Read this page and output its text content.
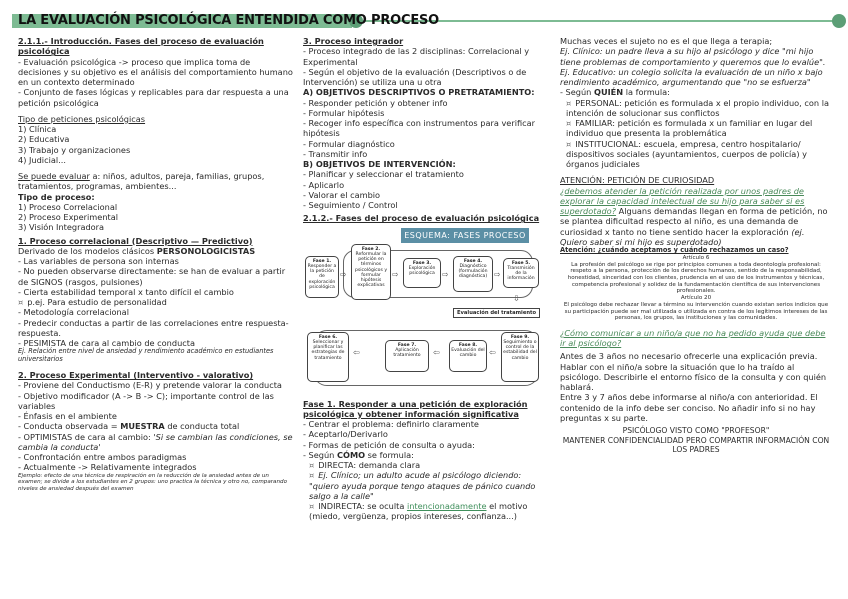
LA EVALUACIÓN PSICOLÓGICA ENTENDIDA COMO PROCESO
2.1.1.- Introducción. Fases del proceso de evaluación psicológica
- Evaluación psicológica -> proceso que implica toma de decisiones y su objetivo es el análisis del comportamiento humano en un contexto determinado
- Conjunto de fases lógicas y replicables para dar respuesta a una petición psicológica
Tipo de peticiones psicológicas
1) Clínica
2) Educativa
3) Trabajo y organizaciones
4) Judicial...
Se puede evaluar a: niños, adultos, pareja, familias, grupos, tratamientos, programas, ambientes...
Tipo de proceso:
1) Proceso Correlacional
2) Proceso Experimental
3) Visión Integradora
1. Proceso correlacional (Descriptivo — Predictivo)
Derivado de los modelos clásicos PERSONOLOGICISTAS
- Las variables de persona son internas
- No pueden observarse directamente: se han de evaluar a partir de SIGNOS (rasgos, pulsiones)
- Cierta estabilidad temporal x tanto difícil el cambio
¤ p.ej. Para estudio de personalidad
- Metodología correlacional
- Predecir conductas a partir de las correlaciones entre respuesta-respuesta.
- PESIMISTA de cara al cambio de conducta
Ej. Relación entre nivel de ansiedad y rendimiento académico en estudiantes universitarios
2. Proceso Experimental (Interventivo - valorativo)
- Proviene del Conductismo (E-R) y pretende valorar la conducta
- Objetivo modificador (A -> B -> C); importante control de las variables
- Énfasis en el ambiente
- Conducta observada = MUESTRA de conducta total
- OPTIMISTAS de cara al cambio: 'Si se cambian las condiciones, se cambia la conducta'
- Confrontación entre ambos paradigmas
- Actualmente -> Relativamente integrados
Ejemplo: efecto de una técnica de respiración en la reducción de la ansiedad antes de un examen; se divide a los estudiantes en 2 grupos: uno practica la técnica y otro no, comparando niveles de ansiedad después del examen
3. Proceso integrador
- Proceso integrado de las 2 disciplinas: Correlacional y Experimental
- Según el objetivo de la evaluación (Descriptivos o de Intervención) se utiliza una u otra
A) OBJETIVOS DESCRIPTIVOS O PRETRATAMIENTO:
- Responder petición y obtener info
- Formular hipótesis
- Recoger info específica con instrumentos para verificar hipótesis
- Formular diagnóstico
- Transmitir info
B) OBJETIVOS DE INTERVENCIÓN:
- Planificar y seleccionar el tratamiento
- Aplicarlo
- Valorar el cambio
- Seguimiento / Control
2.1.2.- Fases del proceso de evaluación psicológica
ESQUEMA: FASES PROCESO
Fase 1.
Responder a la petición de exploración psicológica
⇨
Fase 2.
Reformular la petición en términos psicológicos y formular hipótesis explicativas
⇨
Fase 3.
Exploración psicológica ⇨
Fase 4.
Diagnóstico (formulación diagnóstica) ⇨
Fase 5.
Transmisión de la información
⇩
Evaluación del tratamiento
Fase 6.
Seleccionar y planificar las estrategias de tratamiento
⇦
Fase 7.
Aplicación tratamiento	⇦
Fase 8.
Evaluación del cambio	⇦
Fase 9.
Seguimiento o control de la estabilidad del cambio
Fase 1. Responder a una petición de exploración psicológica y obtener información significativa
- Centrar el problema: definirlo claramente
- Aceptarlo/Derivarlo
- Formas de petición de consulta o ayuda:
- Según CÓMO se formula:
¤ DIRECTA: demanda clara
¤ Ej. Clínico; un adulto acude al psicólogo diciendo: "quiero ayuda porque tengo ataques de pánico cuando salgo a la calle"
¤ INDIRECTA: se oculta intencionadamente el motivo (miedo, vergüenza, propios intereses, confianza...)
Muchas veces el sujeto no es el que llega a terapia;
Ej. Clínico: un padre lleva a su hijo al psicólogo y dice "mi hijo tiene problemas de comportamiento y queremos que lo evalúe". Ej. Educativo: un colegio solicita la evaluación de un niño x bajo rendimiento académico, argumentando que "no se esfuerza"
- Según QUIÉN la formula:
¤ PERSONAL: petición es formulada x el propio individuo, con la intención de solucionar sus conflictos
¤ FAMILIAR: petición es formulada x un familiar en lugar del individuo que presenta la problemática
¤ INSTITUCIONAL: escuela, empresa, centro hospitalario/ dispositivos sociales (ayuntamientos, cuerpos de policía) y órganos judiciales
ATENCIÓN: PETICIÓN DE CURIOSIDAD
¿debemos atender la petición realizada por unos padres de explorar la capacidad intelectual de su hijo para saber si es superdotado? Alguans demandas llegan en forma de petición, no se plantea dificultad respecto al niño, es una demanda de curiosidad x tanto no tiene sentido hacer la exploración (ej. Quiero saber si mi hijo es superdotado)
Atención: ¿cuándo aceptamos y cuándo rechazamos un caso?
Artículo 6
La profesión del psicólogo se rige por principios comunes a toda deontología profesional: respeto a la persona, protección de los derechos humanos, sentido de la responsabilidad, honestidad, sinceridad con los clientes, prudencia en el uso de los instrumentos y técnicas, competencia profesional y solidez de la fundamentación científica de sus intervenciones profesionales.
Artículo 20
El psicólogo debe rechazar llevar a término su intervención cuando existan serios indicios que su participación puede ser mal utilizada o utilizada en contra de los legítimos intereses de las personas, los grupos, las instituciones y las comunidades.
¿Cómo comunicar a un niño/a que no ha pedido ayuda que debe ir al psicólogo?
Antes de 3 años no necesario ofrecerle una explicación previa. Hablar con el niño/a sobre la situación que lo ha traído al psicólogo. Describirle el entorno físico de la consulta y con quién hablará.
Entre 3 y 7 años debe informarse al niño/a con anterioridad. El contenido de la info debe ser conciso. No añadir info si no hay preguntas x su parte.
PSICÓLOGO VISTO COMO "PROFESOR"
MANTENER CONFIDENCIALIDAD PERO COMPARTIR INFORMACIÓN CON LOS PADRES
